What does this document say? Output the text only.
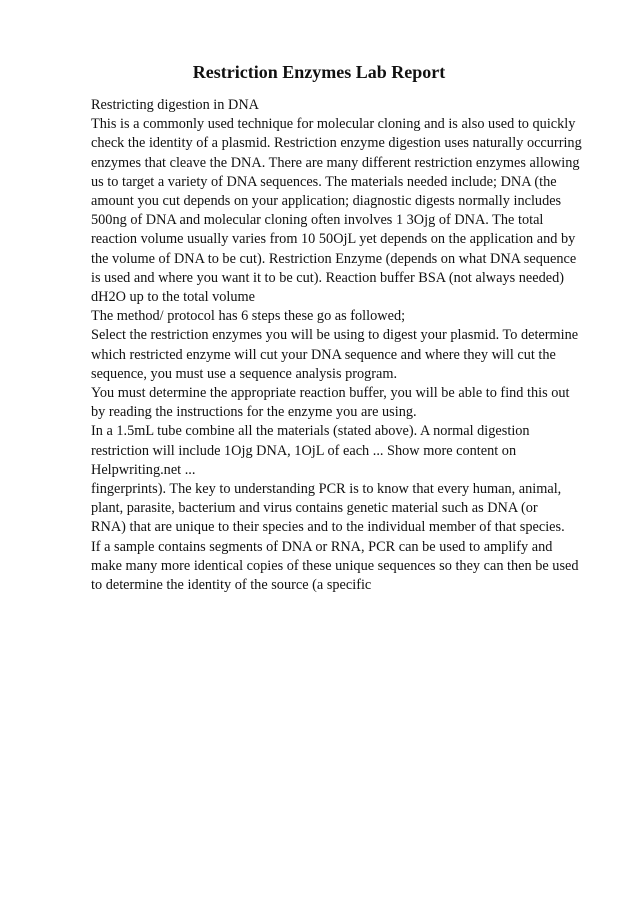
Restriction Enzymes Lab Report
Restricting digestion in DNA
This is a commonly used technique for molecular cloning and is also used to quickly
check the identity of a plasmid. Restriction enzyme digestion uses naturally occurring
enzymes that cleave the DNA. There are many different restriction enzymes allowing
us to target a variety of DNA sequences. The materials needed include; DNA (the
amount you cut depends on your application; diagnostic digests normally includes
500ng of DNA and molecular cloning often involves 1 3Ojg of DNA. The total
reaction volume usually varies from 10 50OjL yet depends on the application and by
the volume of DNA to be cut). Restriction Enzyme (depends on what DNA sequence
is used and where you want it to be cut). Reaction buffer BSA (not always needed)
dH2O up to the total volume
The method/ protocol has 6 steps these go as followed;
Select the restriction enzymes you will be using to digest your plasmid. To determine
which restricted enzyme will cut your DNA sequence and where they will cut the
sequence, you must use a sequence analysis program.
You must determine the appropriate reaction buffer, you will be able to find this out
by reading the instructions for the enzyme you are using.
In a 1.5mL tube combine all the materials (stated above). A normal digestion
restriction will include 1Ojg DNA, 1OjL of each ... Show more content on
Helpwriting.net ...
fingerprints). The key to understanding PCR is to know that every human, animal,
plant, parasite, bacterium and virus contains genetic material such as DNA (or
RNA) that are unique to their species and to the individual member of that species.
If a sample contains segments of DNA or RNA, PCR can be used to amplify and
make many more identical copies of these unique sequences so they can then be used
to determine the identity of the source (a specific
